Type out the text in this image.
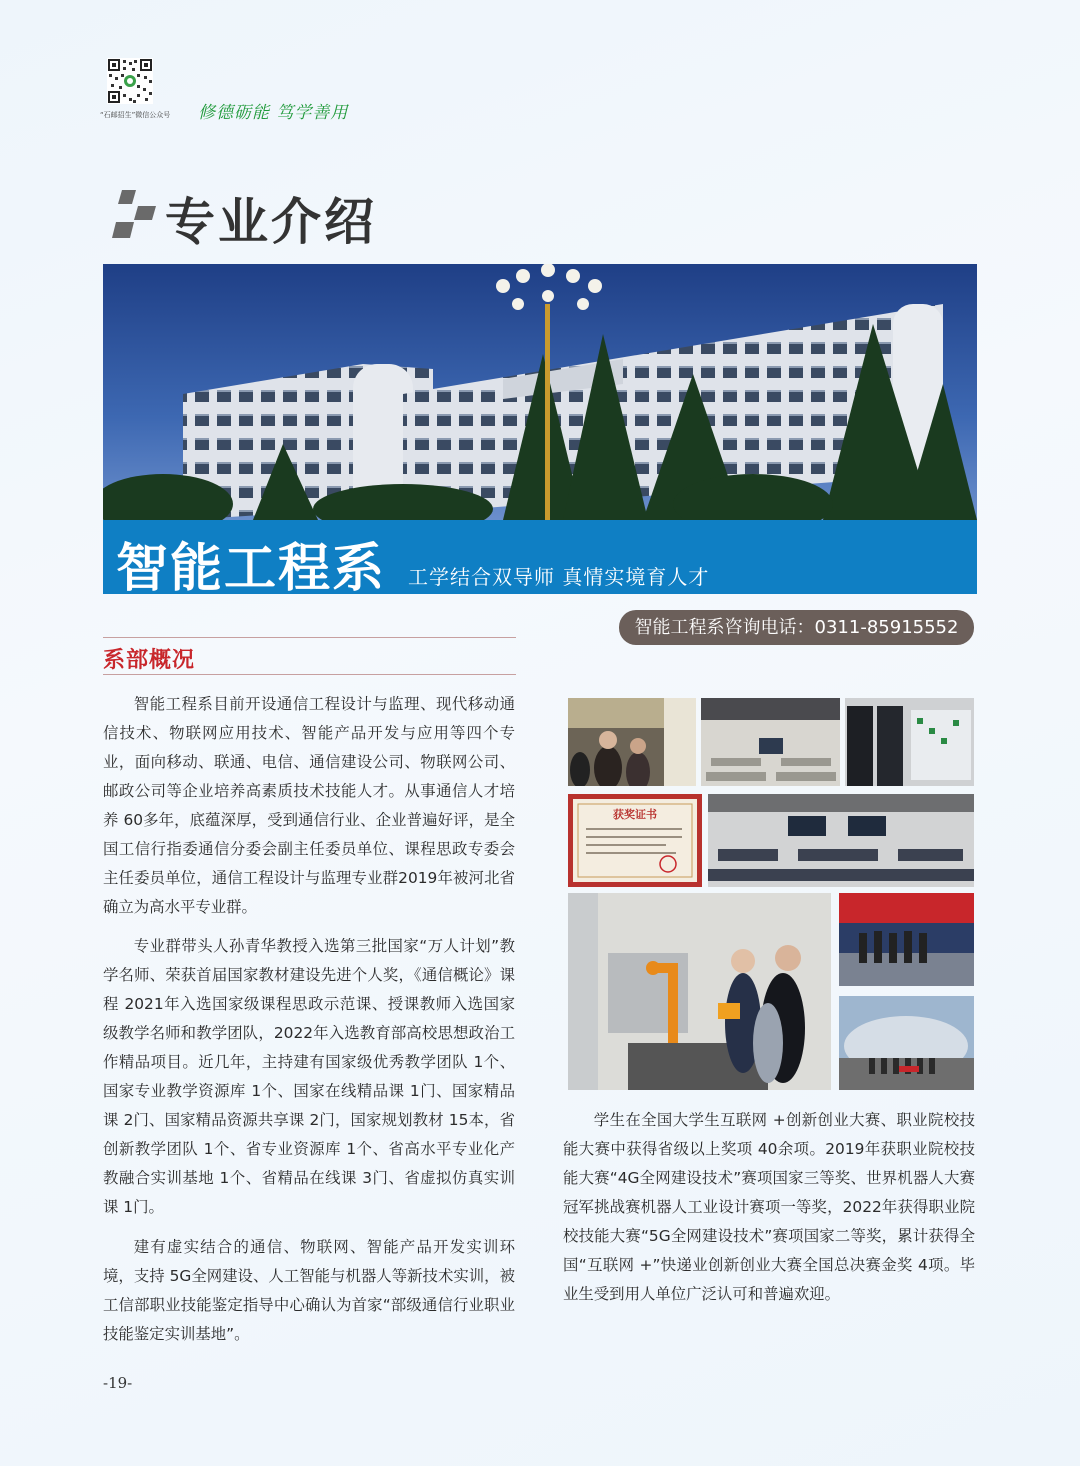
“石邮招生”微信公众号 修德砺能 笃学善用
专业介绍
智能工程系 工学结合双导师 真情实境育人才
智能工程系咨询电话：0311-85915552
系部概况

智能工程系目前开设通信工程设计与监理、现代移动通信技术、物联网应用技术、智能产品开发与应用等四个专业，面向移动、联通、电信、通信建设公司、物联网公司、邮政公司等企业培养高素质技术技能人才。从事通信人才培养 60多年，底蕴深厚，受到通信行业、企业普遍好评，是全国工信行指委通信分委会副主任委员单位、课程思政专委会主任委员单位，通信工程设计与监理专业群2019年被河北省确立为高水平专业群。

专业群带头人孙青华教授入选第三批国家“万人计划”教学名师、荣获首届国家教材建设先进个人奖，《通信概论》课程 2021年入选国家级课程思政示范课、授课教师入选国家级教学名师和教学团队，2022年入选教育部高校思想政治工作精品项目。近几年，主持建有国家级优秀教学团队 1个、国家专业教学资源库 1个、国家在线精品课 1门、国家精品课 2门、国家精品资源共享课 2门，国家规划教材 15本，省创新教学团队 1个、省专业资源库 1个、省高水平专业化产教融合实训基地 1个、省精品在线课 3门、省虚拟仿真实训课 1门。

建有虚实结合的通信、物联网、智能产品开发实训环境，支持 5G全网建设、人工智能与机器人等新技术实训，被工信部职业技能鉴定指导中心确认为首家“部级通信行业职业技能鉴定实训基地”。

学生在全国大学生互联网 +创新创业大赛、职业院校技能大赛中获得省级以上奖项 40余项。2019年获职业院校技能大赛“4G全网建设技术”赛项国家三等奖、世界机器人大赛冠军挑战赛机器人工业设计赛项一等奖，2022年获得职业院校技能大赛“5G全网建设技术”赛项国家二等奖，累计获得全国“互联网 +”快递业创新创业大赛全国总决赛金奖 4项。毕业生受到用人单位广泛认可和普遍欢迎。

获奖证书
-19-
